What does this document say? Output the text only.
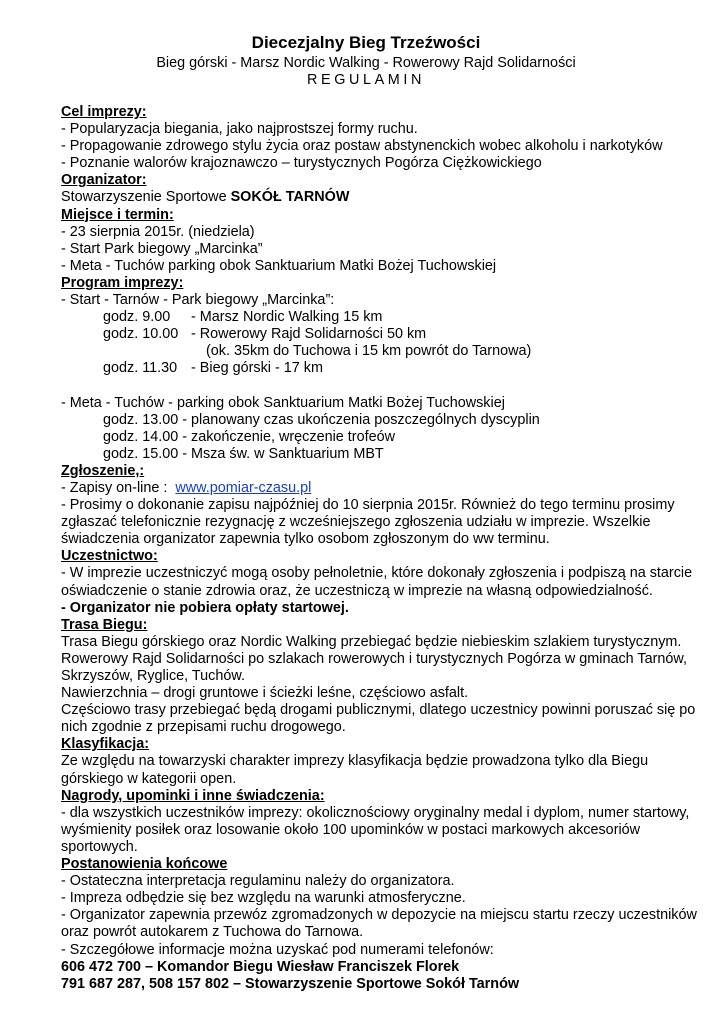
Diecezjalny Bieg Trzeźwości
Bieg górski - Marsz Nordic Walking - Rowerowy Rajd Solidarności
REGULAMIN
Cel imprezy:
- Popularyzacja biegania, jako najprostszej formy ruchu.
- Propagowanie zdrowego stylu życia oraz postaw abstynenckich wobec alkoholu i narkotyków
- Poznanie walorów krajoznawczo – turystycznych Pogórza Ciężkowickiego
Organizator:
Stowarzyszenie Sportowe SOKÓŁ TARNÓW
Miejsce i termin:
- 23 sierpnia 2015r. (niedziela)
- Start Park biegowy „Marcinka”
- Meta - Tuchów parking obok Sanktuarium Matki Bożej Tuchowskiej
Program imprezy:
- Start - Tarnów - Park biegowy „Marcinka”:
godz. 9.00 - Marsz Nordic Walking 15 km
godz. 10.00 - Rowerowy Rajd Solidarności 50 km
(ok. 35km do Tuchowa i 15 km powrót do Tarnowa)
godz. 11.30 - Bieg górski - 17 km
- Meta - Tuchów - parking obok Sanktuarium Matki Bożej Tuchowskiej
godz. 13.00 - planowany czas ukończenia poszczególnych dyscyplin
godz. 14.00 - zakończenie, wręczenie trofeów
godz. 15.00 - Msza św. w Sanktuarium MBT
Zgłoszenie,:
- Zapisy on-line :  www.pomiar-czasu.pl
- Prosimy o dokonanie zapisu najpóźniej do 10 sierpnia 2015r. Również do tego terminu prosimy zgłaszać telefonicznie rezygnację z wcześniejszego zgłoszenia udziału w imprezie. Wszelkie świadczenia organizator zapewnia tylko osobom zgłoszonym do ww terminu.
Uczestnictwo:
- W imprezie uczestniczyć mogą osoby pełnoletnie, które dokonały zgłoszenia i podpiszą na starcie oświadczenie o stanie zdrowia oraz, że uczestniczą w imprezie na własną odpowiedzialność.
- Organizator nie pobiera opłaty startowej.
Trasa Biegu:
Trasa Biegu górskiego oraz Nordic Walking przebiegać będzie niebieskim szlakiem turystycznym. Rowerowy Rajd Solidarności po szlakach rowerowych i turystycznych Pogórza w gminach Tarnów, Skrzyszów, Ryglice, Tuchów.
Nawierzchnia – drogi gruntowe i ścieżki leśne, częściowo asfalt.
Częściowo trasy przebiegać będą drogami publicznymi, dlatego uczestnicy powinni poruszać się po nich zgodnie z przepisami ruchu drogowego.
Klasyfikacja:
Ze względu na towarzyski charakter imprezy klasyfikacja będzie prowadzona tylko dla Biegu górskiego w kategorii open.
Nagrody, upominki i inne świadczenia:
- dla wszystkich uczestników imprezy: okolicznościowy oryginalny medal i dyplom, numer startowy, wyśmienity posiłek oraz losowanie około 100 upominków w postaci markowych akcesoriów sportowych.
Postanowienia końcowe
- Ostateczna interpretacja regulaminu należy do organizatora.
- Impreza odbędzie się bez względu na warunki atmosferyczne.
- Organizator zapewnia przewóz zgromadzonych w depozycie na miejscu startu rzeczy uczestników oraz powrót autokarem z Tuchowa do Tarnowa.
- Szczegółowe informacje można uzyskać pod numerami telefonów:
606 472 700 – Komandor Biegu Wiesław Franciszek Florek
791 687 287, 508 157 802 – Stowarzyszenie Sportowe Sokół Tarnów
